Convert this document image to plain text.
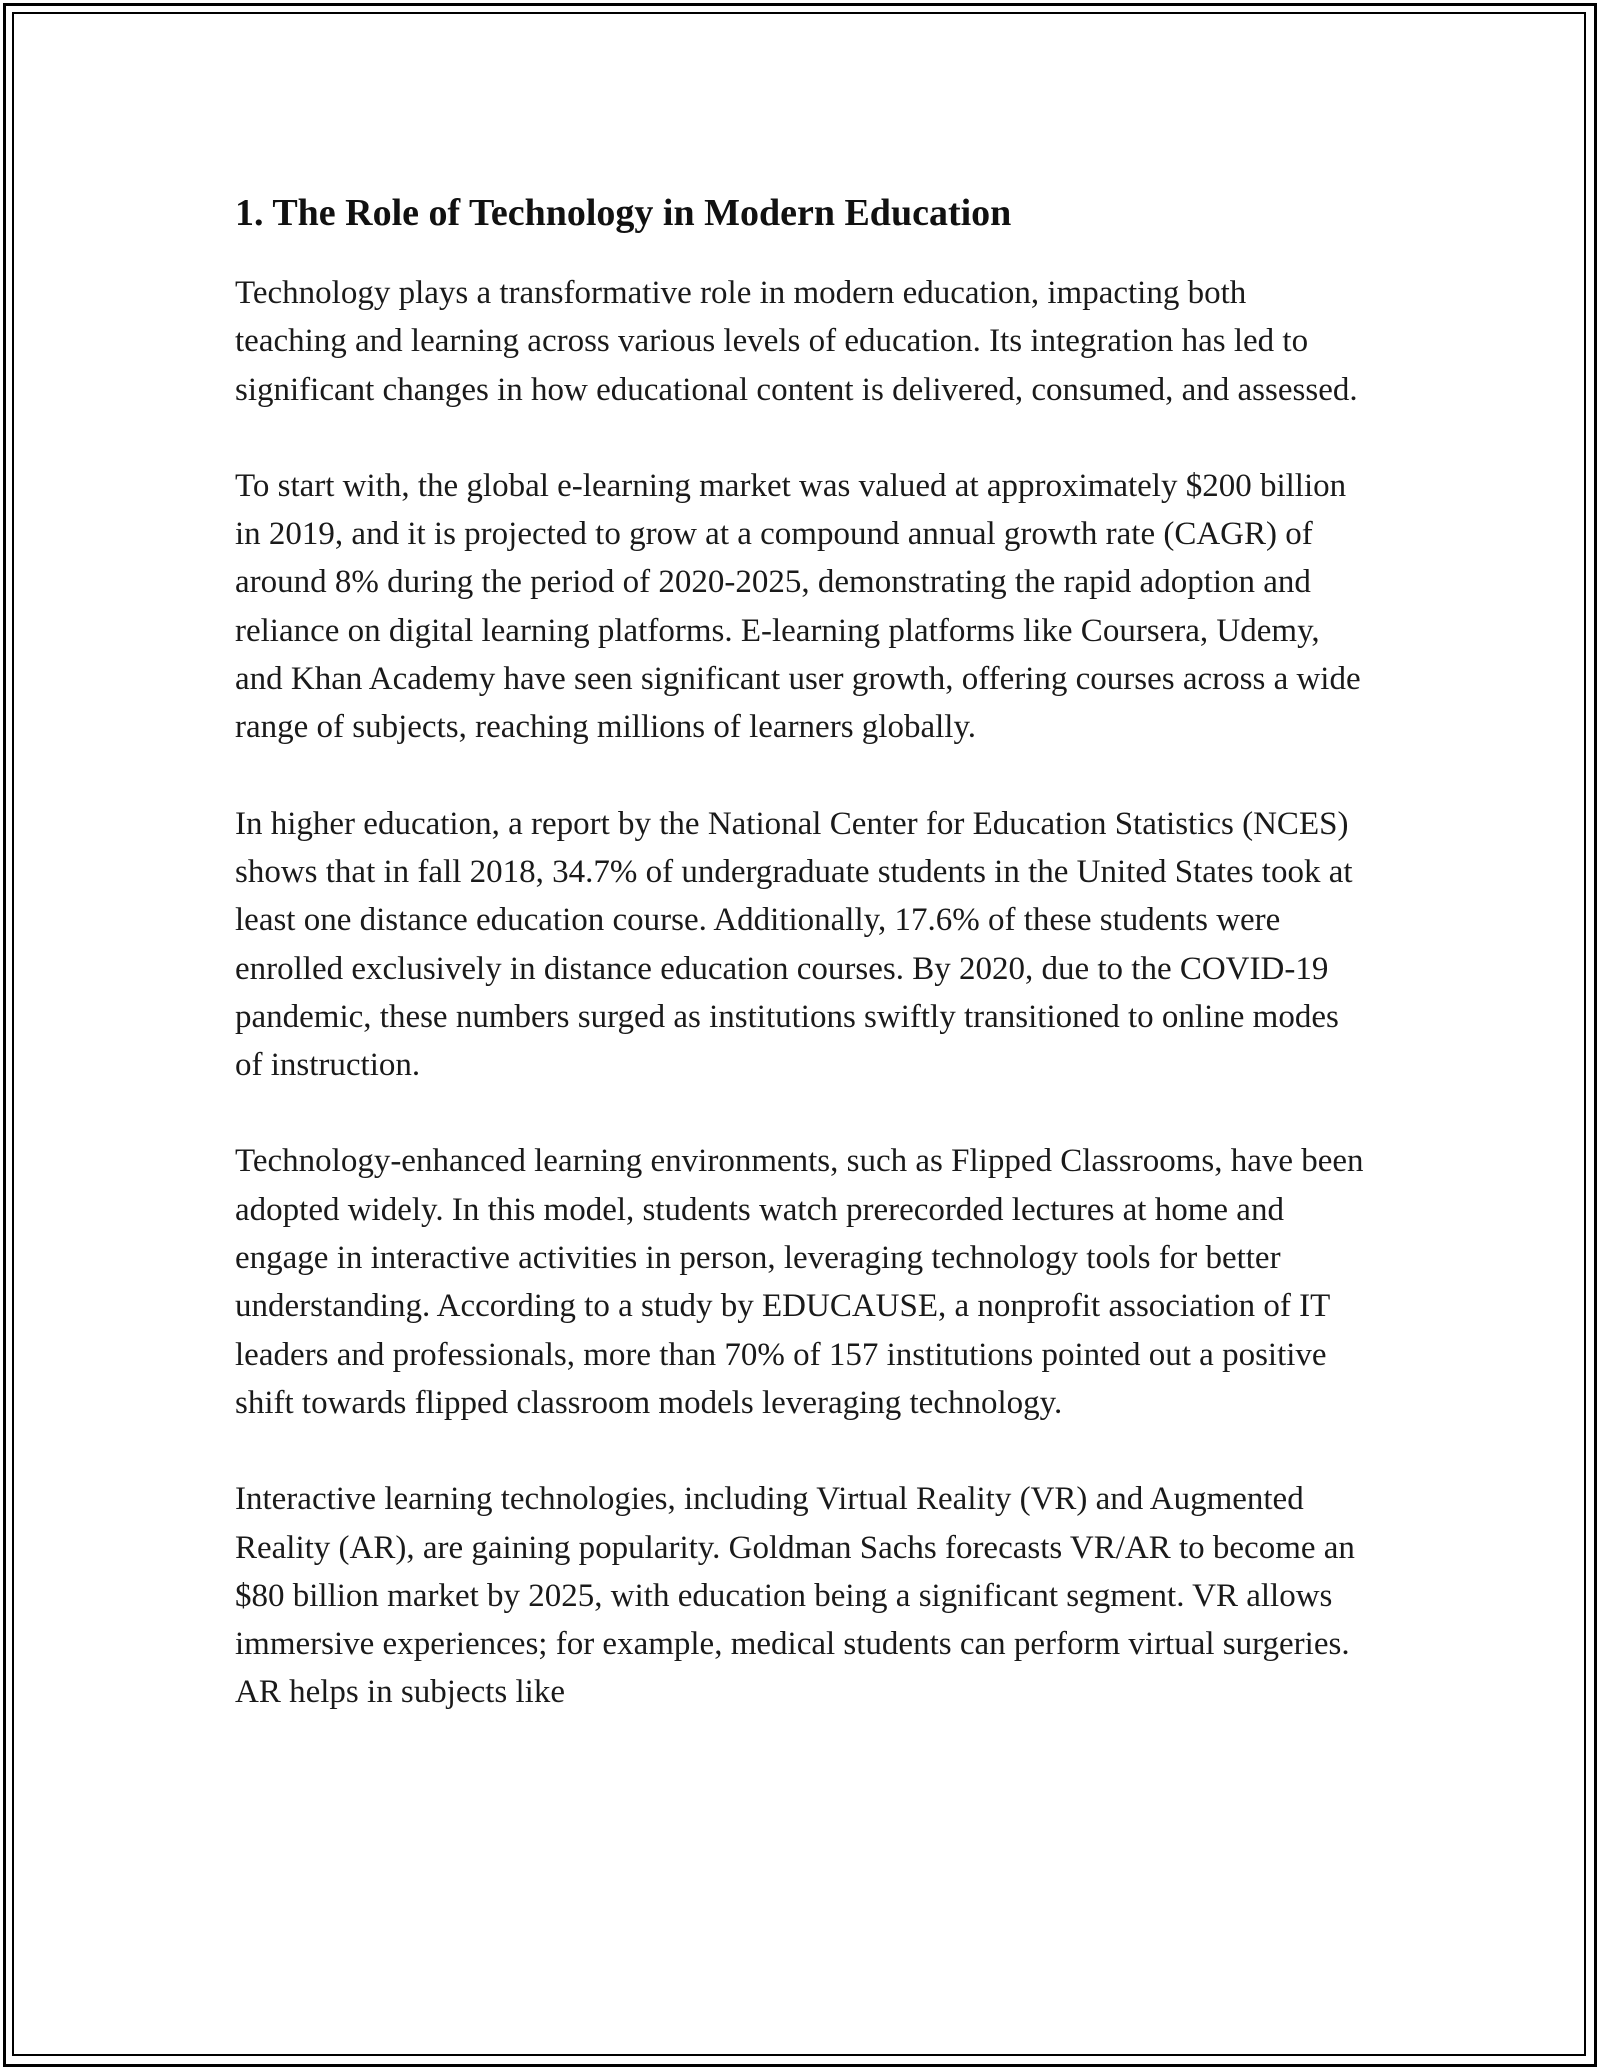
1. The Role of Technology in Modern Education

Technology plays a transformative role in modern education, impacting both teaching and learning across various levels of education. Its integration has led to significant changes in how educational content is delivered, consumed, and assessed.

To start with, the global e-learning market was valued at approximately $200 billion in 2019, and it is projected to grow at a compound annual growth rate (CAGR) of around 8% during the period of 2020-2025, demonstrating the rapid adoption and reliance on digital learning platforms. E-learning platforms like Coursera, Udemy, and Khan Academy have seen significant user growth, offering courses across a wide range of subjects, reaching millions of learners globally.

In higher education, a report by the National Center for Education Statistics (NCES) shows that in fall 2018, 34.7% of undergraduate students in the United States took at least one distance education course. Additionally, 17.6% of these students were enrolled exclusively in distance education courses. By 2020, due to the COVID-19 pandemic, these numbers surged as institutions swiftly transitioned to online modes of instruction.

Technology-enhanced learning environments, such as Flipped Classrooms, have been adopted widely. In this model, students watch prerecorded lectures at home and engage in interactive activities in person, leveraging technology tools for better understanding. According to a study by EDUCAUSE, a nonprofit association of IT leaders and professionals, more than 70% of 157 institutions pointed out a positive shift towards flipped classroom models leveraging technology.

Interactive learning technologies, including Virtual Reality (VR) and Augmented Reality (AR), are gaining popularity. Goldman Sachs forecasts VR/AR to become an $80 billion market by 2025, with education being a significant segment. VR allows immersive experiences; for example, medical students can perform virtual surgeries. AR helps in subjects like
